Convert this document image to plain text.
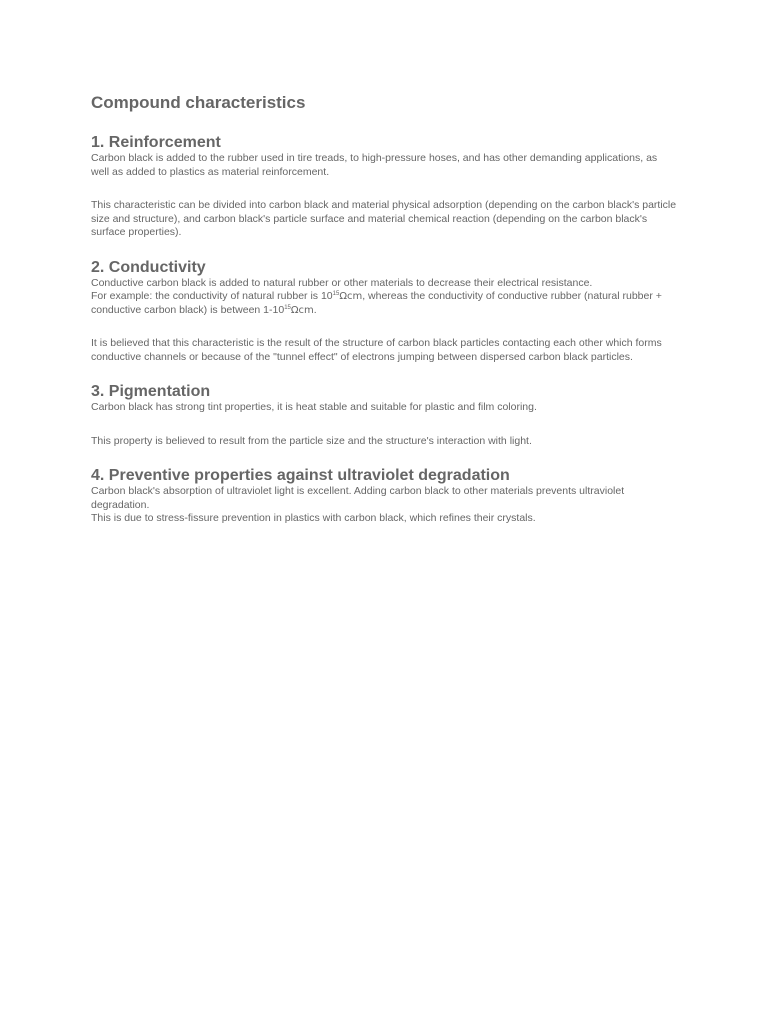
Compound characteristics
1. Reinforcement

Carbon black is added to the rubber used in tire treads, to high-pressure hoses, and has other demanding applications, as well as added to plastics as material reinforcement.

This characteristic can be divided into carbon black and material physical adsorption (depending on the carbon black's particle size and structure), and carbon black's particle surface and material chemical reaction (depending on the carbon black's surface properties).

2. Conductivity

Conductive carbon black is added to natural rubber or other materials to decrease their electrical resistance.

For example: the conductivity of natural rubber is $10^{15}\Omega cm$, whereas the conductivity of conductive rubber (natural rubber + conductive carbon black) is between $1-10^{15}\Omega cm$.

It is believed that this characteristic is the result of the structure of carbon black particles contacting each other which forms conductive channels or because of the "tunnel effect" of electrons jumping between dispersed carbon black particles.

3. Pigmentation

Carbon black has strong tint properties, it is heat stable and suitable for plastic and film coloring.

This property is believed to result from the particle size and the structure's interaction with light.

4. Preventive properties against ultraviolet degradation

Carbon black's absorption of ultraviolet light is excellent. Adding carbon black to other materials prevents ultraviolet degradation.

This is due to stress-fissure prevention in plastics with carbon black, which refines their crystals.
